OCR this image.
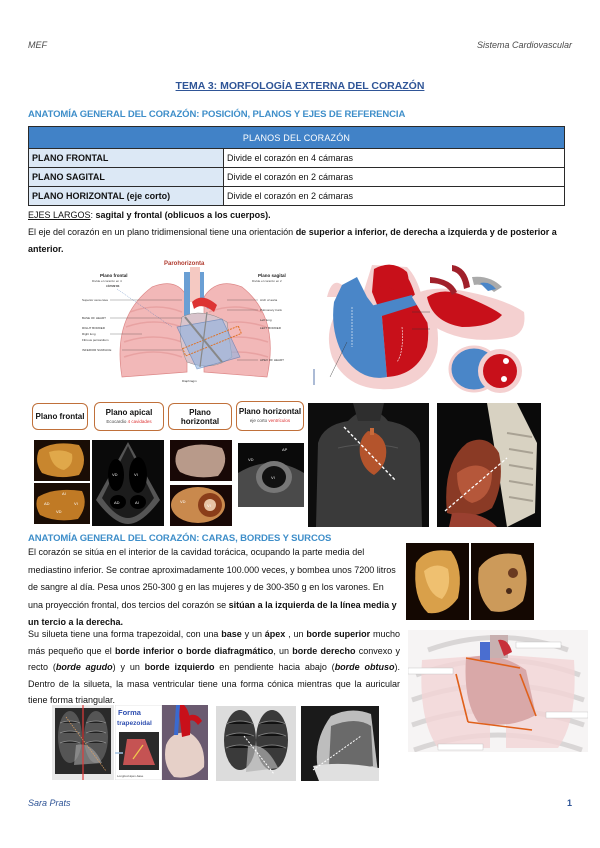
MEF	Sistema Cardiovascular
TEMA 3: MORFOLOGÍA EXTERNA DEL CORAZÓN
ANATOMÍA GENERAL DEL CORAZÓN: POSICIÓN, PLANOS Y EJES DE REFERENCIA
PLANOS DEL CORAZÓN	
PLANO FRONTAL	Divide el corazón en 4 cámaras
PLANO SAGITAL	Divide el corazón en 2 cámaras
PLANO HORIZONTAL (eje corto)	Divide el corazón en 2 cámaras
EJES LARGOS: sagital y frontal (oblicuos a los cuerpos).
El eje del corazón en un plano tridimensional tiene una orientación de superior a inferior, de derecha a izquierda y de posterior a anterior.
Parohorizonta
Plano frontal
Divide el corazón en 4
cámaras
Plano sagital
Divide el corazón en 2
Superior vena cava
BASE OF HEART
RIGHT BORDER
Right lung
Fibrous pericardium
INFERIOR SURFACE
Arch of aorta
Pulmonary trunk
Left lung
LEFT BORDER
APEX OF HEART
Diaphragm
Plano frontal	Plano apical
Ecocardio 4 cavidades
Plano horizontal
Plano horizontal
eje corto ventrículos
AI
AD	VI
VD
VD	VI
AD	AI	VD
VI
VD
VI
AP
ANATOMÍA GENERAL DEL CORAZÓN: CARAS, BORDES Y SURCOS
El corazón se sitúa en el interior de la cavidad torácica, ocupando la parte media del mediastino inferior. Se contrae aproximadamente 100.000 veces, y bombea unos 7200 litros de sangre al día. Pesa unos 250-300 g en las mujeres y de 300-350 g en los varones. En una proyección frontal, dos tercios del corazón se sitúan a la izquierda de la línea media y un tercio a la derecha.
Su silueta tiene una forma trapezoidal, con una base y un ápex , un borde superior mucho más pequeño que el borde inferior o borde diafragmático, un borde derecho convexo y recto (borde agudo) y un borde izquierdo en pendiente hacia abajo (borde obtuso). Dentro de la silueta, la masa ventricular tiene una forma cónica mientras que la auricular tiene forma triangular.
Forma
trapezoidal
Longitud ápex-base
Sara Prats	1
